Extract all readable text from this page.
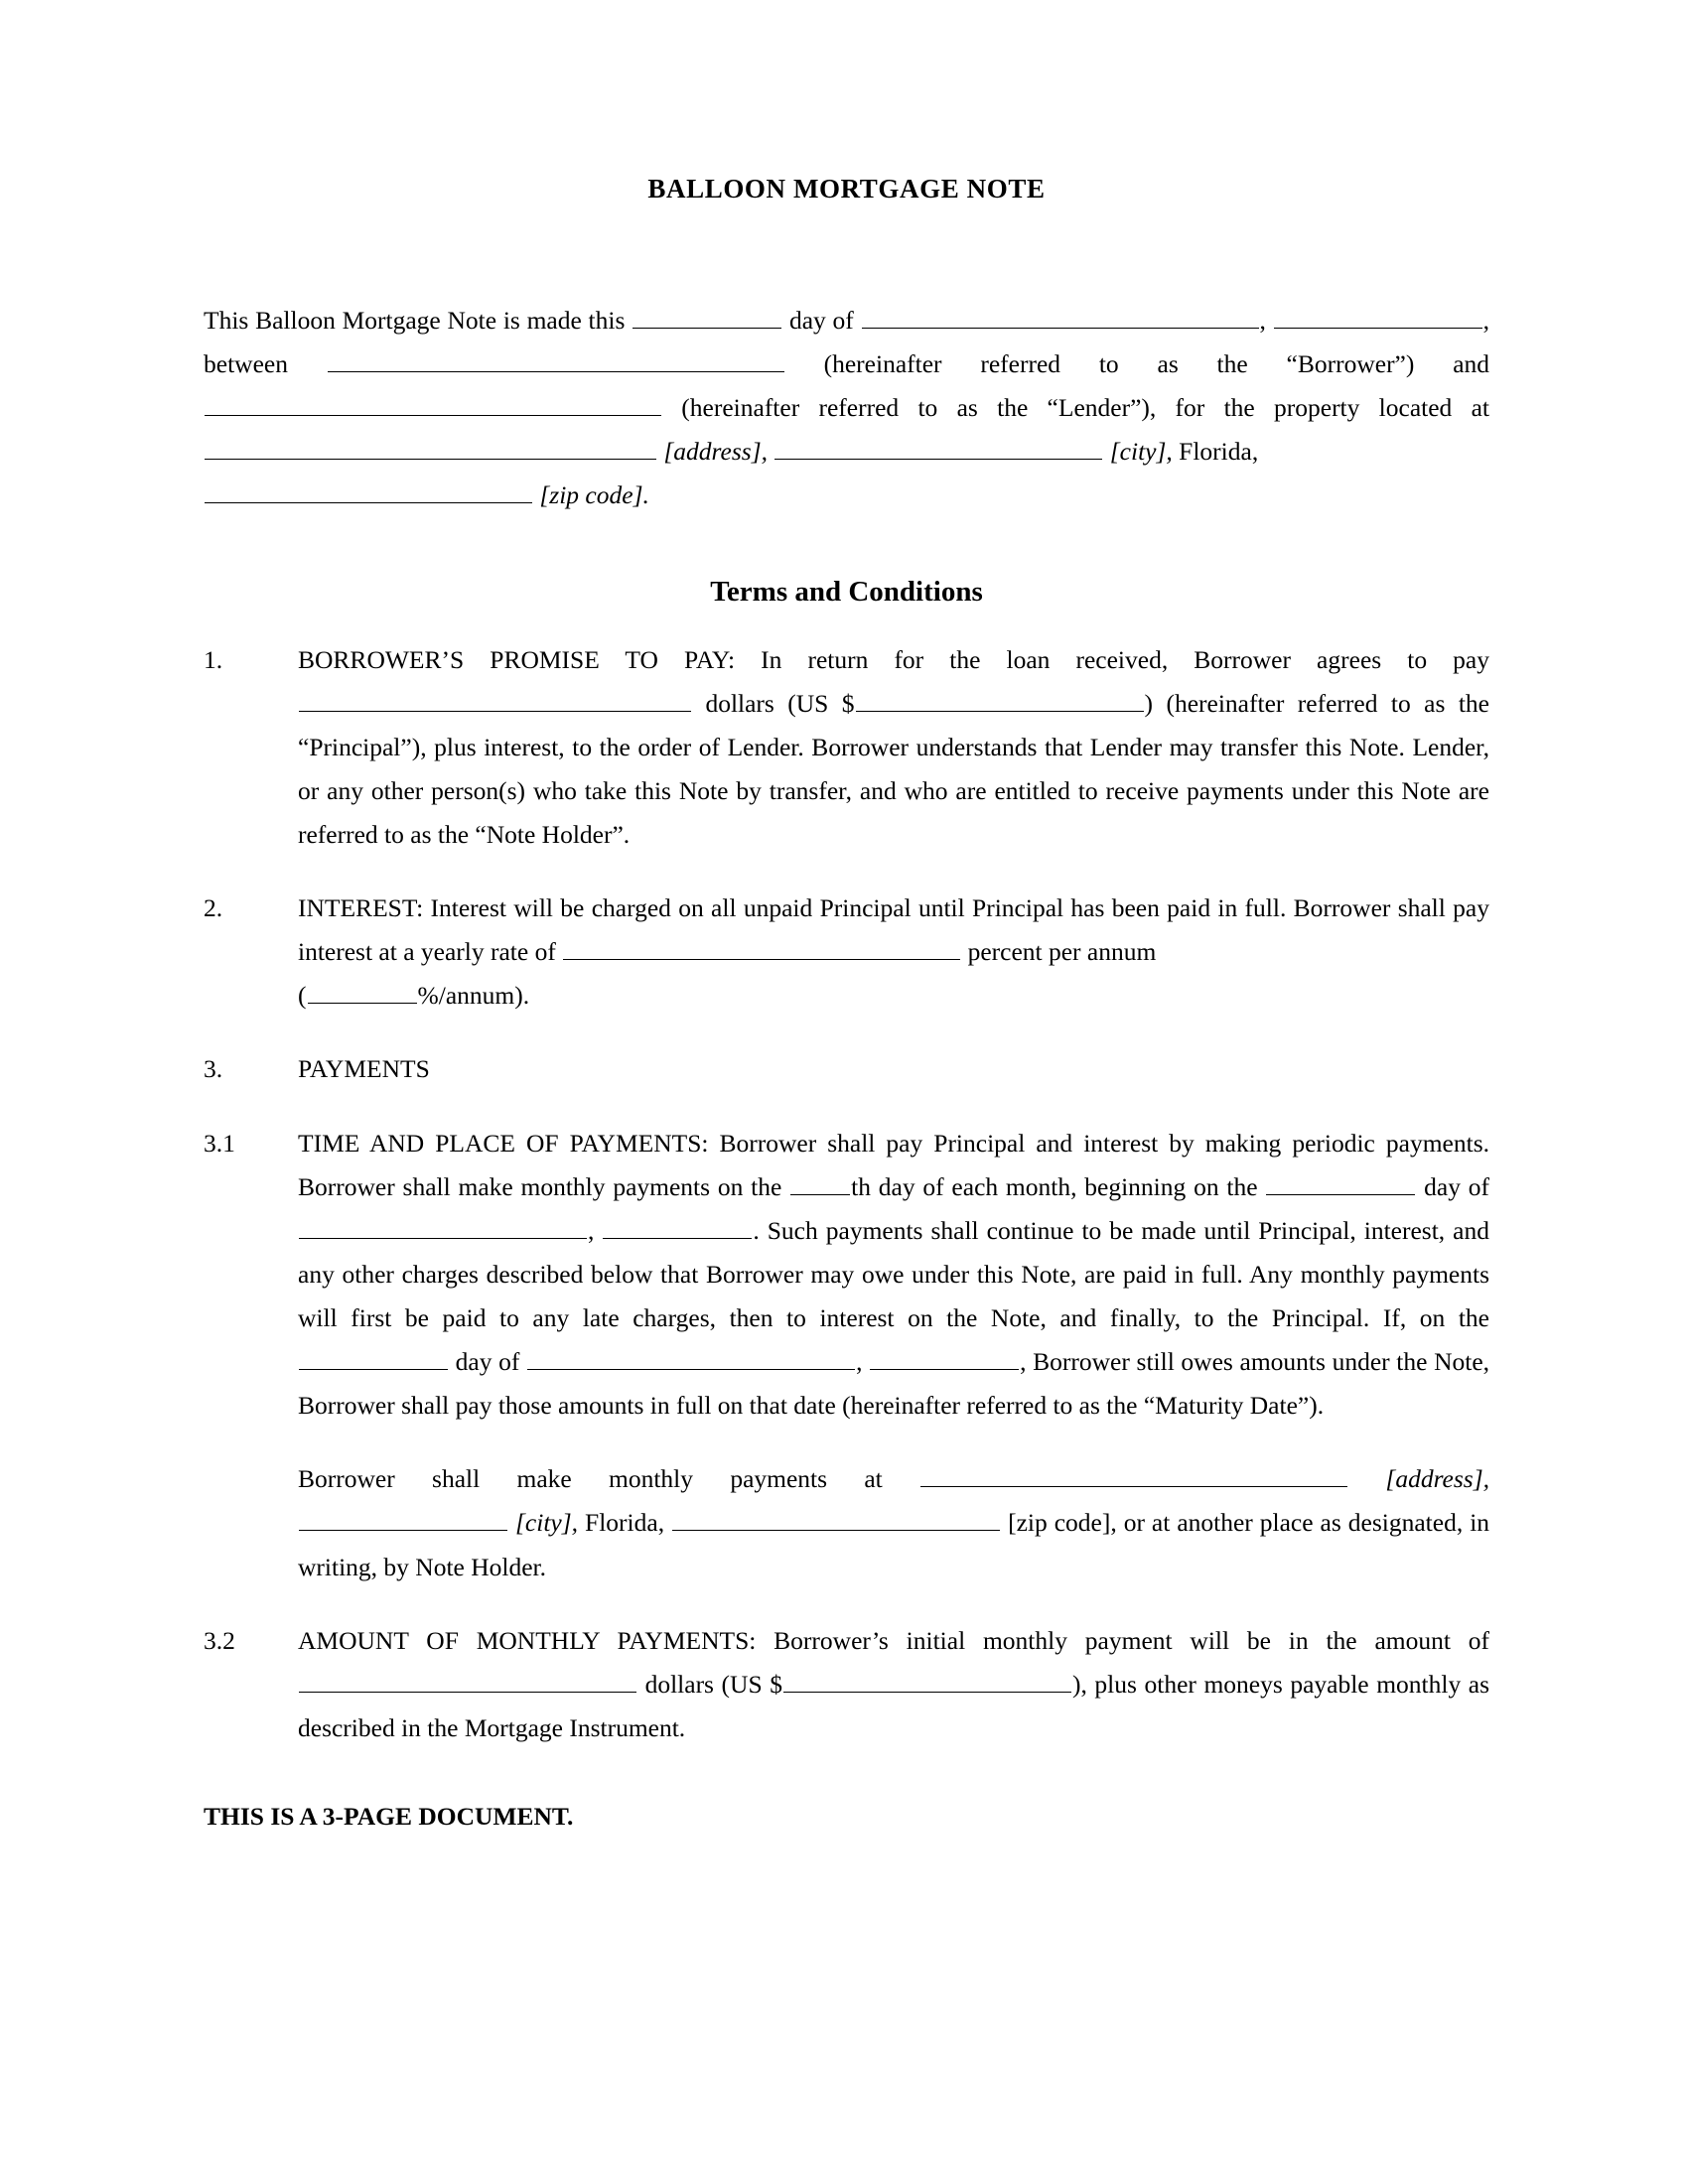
BALLOON MORTGAGE NOTE
This Balloon Mortgage Note is made this	day of	,	, between	(hereinafter referred to as the “Borrower”) and  (hereinafter referred to as the “Lender”), for the property located at  [address],	[city], Florida,
[zip code].
Terms and Conditions
1.	BORROWER’S PROMISE TO PAY: In return for the loan received, Borrower agrees to pay  dollars (US $	) (hereinafter referred to as the “Principal”), plus interest, to the order of Lender. Borrower understands that Lender may transfer this Note. Lender, or any other person(s) who take this Note by transfer, and who are entitled to receive payments under this Note are referred to as the “Note Holder”.

2.	INTEREST: Interest will be charged on all unpaid Principal until Principal has been paid in full. Borrower shall pay interest at a yearly rate of	percent per annum

(	%/annum).

3.	PAYMENTS

3.1	TIME AND PLACE OF PAYMENTS: Borrower shall pay Principal and interest by making periodic payments. Borrower shall make monthly payments on the	th day of each month, beginning on the	day of ,	. Such payments shall continue to be made until Principal, interest, and any other charges described below that Borrower may owe under this Note, are paid in full. Any monthly payments will first be paid to any late charges, then to interest on the Note, and finally, to the Principal. If, on the  day of	,	, Borrower still owes amounts under the Note, Borrower shall pay those amounts in full on that date (hereinafter referred to as the “Maturity Date”).

Borrower shall make monthly payments at	[address],  [city], Florida,	[zip code], or at another place as designated, in writing, by Note Holder.

3.2	AMOUNT OF MONTHLY PAYMENTS: Borrower’s initial monthly payment will be in the amount of  dollars (US $	), plus other moneys payable monthly as described in the Mortgage Instrument.

THIS IS A 3-PAGE DOCUMENT.
